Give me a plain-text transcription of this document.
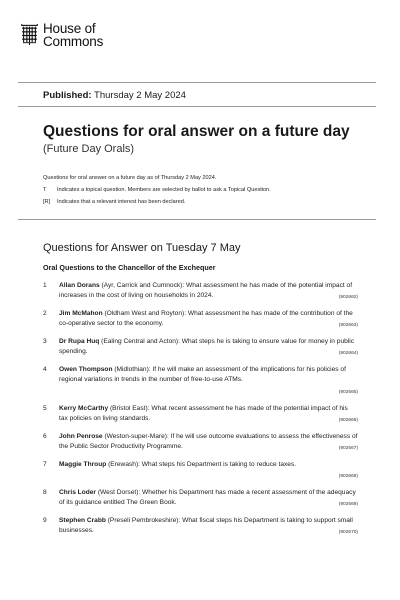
House of
Commons
Published: Thursday 2 May 2024
Questions for oral answer on a future day
(Future Day Orals)
Questions for oral answer on a future day as of Thursday 2 May 2024.
T	Indicates a topical question. Members are selected by ballot to ask a Topical Question.
[R]	Indicates that a relevant interest has been declared.
Questions for Answer on Tuesday 7 May
Oral Questions to the Chancellor of the Exchequer
1 Allan Dorans (Ayr, Carrick and Cumnock): What assessment he has made of the potential impact of increases in the cost of living on households in 2024.	(902662)
2 Jim McMahon (Oldham West and Royton): What assessment he has made of the contribution of the co-operative sector to the economy.	(902663)
3 Dr Rupa Huq (Ealing Central and Acton): What steps he is taking to ensure value for money in public spending.	(902664)
4 Owen Thompson (Midlothian): If he will make an assessment of the implications for his policies of regional variations in trends in the number of free-to-use ATMs.
(902665)
5 Kerry McCarthy (Bristol East): What recent assessment he has made of the potential impact of his tax policies on living standards.	(902666)
6 John Penrose (Weston-super-Mare): If he will use outcome evaluations to assess the effectiveness of the Public Sector Productivity Programme.	(902667)
7 Maggie Throup (Erewash): What steps his Department is taking to reduce taxes.
(902668)
8 Chris Loder (West Dorset): Whether his Department has made a recent assessment of the adequacy of its guidance entitled The Green Book.	(902669)
9 Stephen Crabb (Preseli Pembrokeshire): What fiscal steps his Department is taking to support small businesses.	(902670)
